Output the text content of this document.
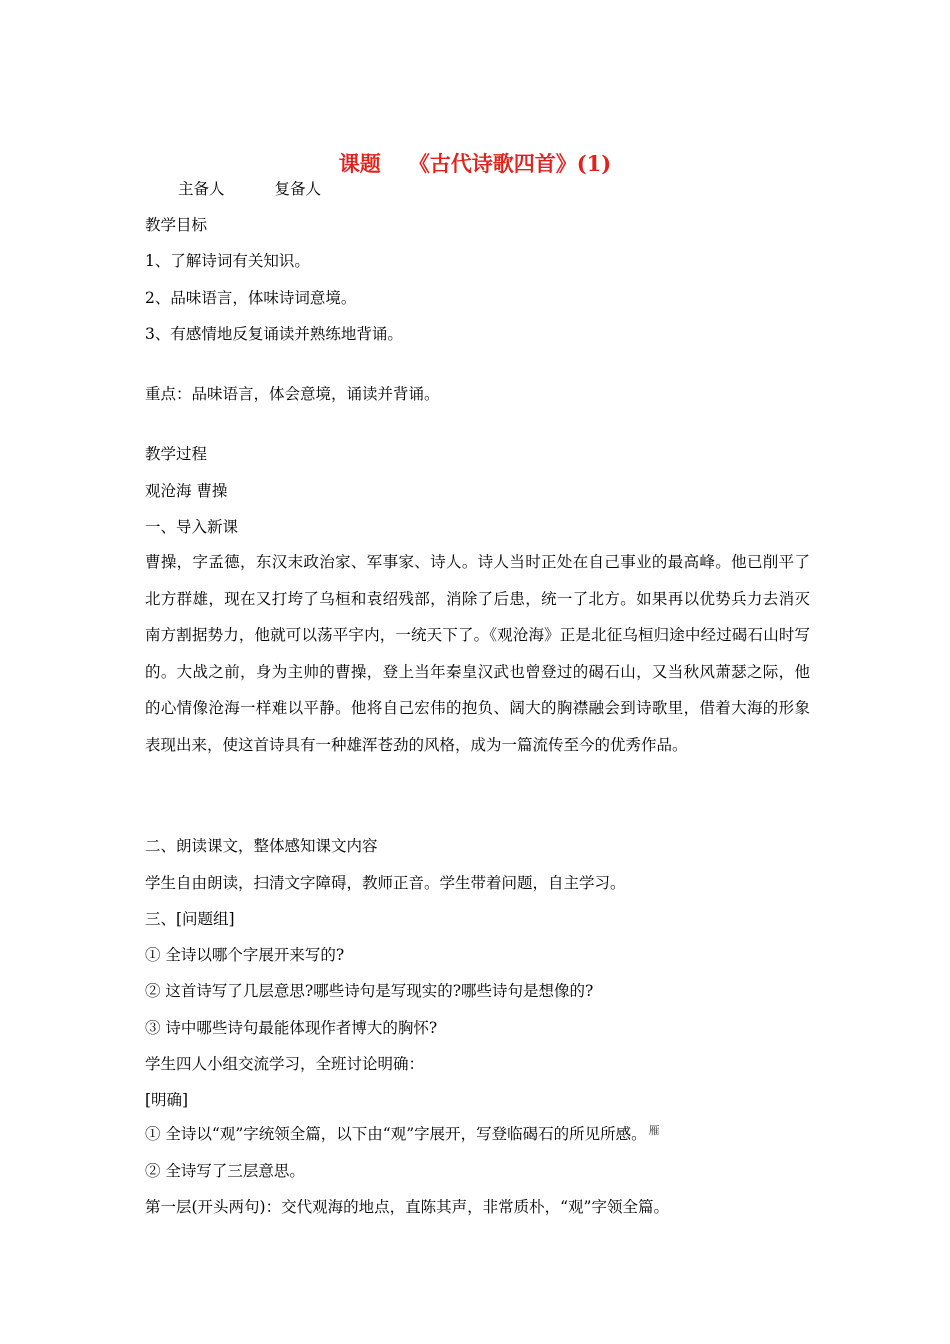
课题 《古代诗歌四首》(1)
主备人	复备人
教学目标
1、了解诗词有关知识。
2、品味语言，体味诗词意境。
3、有感情地反复诵读并熟练地背诵。
重点：品味语言，体会意境，诵读并背诵。
教学过程
观沧海 曹操
一、导入新课
曹操，字孟德，东汉末政治家、军事家、诗人。诗人当时正处在自己事业的最高峰。他已削平了北方群雄，现在又打垮了乌桓和袁绍残部，消除了后患，统一了北方。如果再以优势兵力去消灭南方割据势力，他就可以荡平宇内，一统天下了。《观沧海》正是北征乌桓归途中经过碣石山时写的。大战之前，身为主帅的曹操，登上当年秦皇汉武也曾登过的碣石山，又当秋风萧瑟之际，他的心情像沧海一样难以平静。他将自己宏伟的抱负、阔大的胸襟融会到诗歌里，借着大海的形象表现出来，使这首诗具有一种雄浑苍劲的风格，成为一篇流传至今的优秀作品。
二、朗读课文，整体感知课文内容
学生自由朗读，扫清文字障碍，教师正音。学生带着问题，自主学习。
三、[问题组]
① 全诗以哪个字展开来写的?
② 这首诗写了几层意思?哪些诗句是写现实的?哪些诗句是想像的?
③ 诗中哪些诗句最能体现作者博大的胸怀?
学生四人小组交流学习，全班讨论明确：
[明确]
① 全诗以“观”字统领全篇，以下由“观”字展开，写登临碣石的所见所感。 雁
② 全诗写了三层意思。
第一层(开头两句)：交代观海的地点，直陈其声，非常质朴，“观”字领全篇。
